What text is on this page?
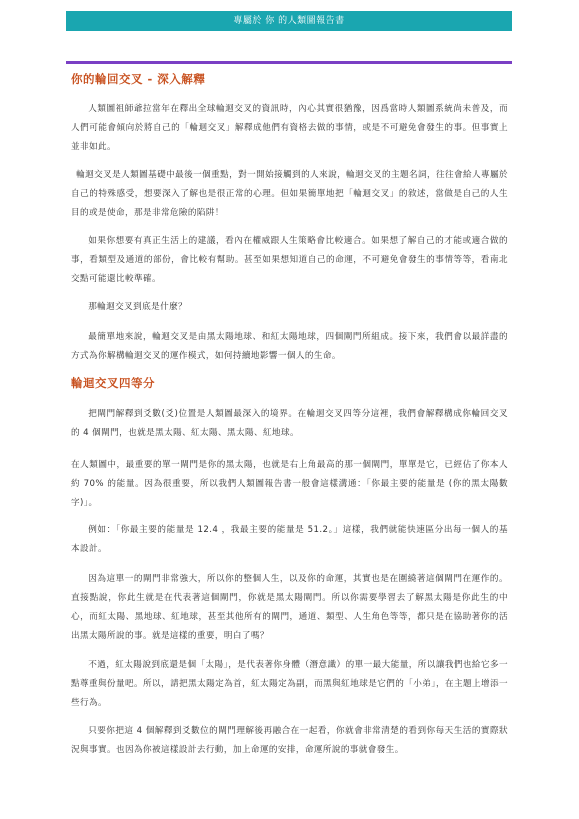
專屬於 你 的人類圖報告書
你的輪回交叉 - 深入解釋
人類圖祖師爺拉當年在釋出全球輪迴交叉的資訊時，內心其實很猶豫，因爲當時人類圖系統尚未普及，而人們可能會傾向於將自己的「輪迴交叉」解釋成他們有資格去做的事情，或是不可避免會發生的事。但事實上並非如此。
輪迴交叉是人類圖基礎中最後一個重點，對一開始接觸到的人來說，輪迴交叉的主題名詞，往往會給人專屬於自己的特殊感受，想要深入了解也是很正常的心理。但如果簡單地把「輪迴交叉」的敘述，當做是自己的人生目的或是使命，那是非常危險的陷阱！
如果你想要有真正生活上的建議，看內在權威跟人生策略會比較適合。如果想了解自己的才能或適合做的事，看類型及通道的部份，會比較有幫助。甚至如果想知道自己的命運，不可避免會發生的事情等等，看南北交點可能還比較準確。
那輪迴交叉到底是什麼？
最簡單地來說，輪迴交叉是由黑太陽地球、和紅太陽地球，四個閘門所組成。接下來，我們會以最詳盡的方式為你解構輪迴交叉的運作模式，如何持續地影響一個人的生命。
輪迴交叉四等分
把閘門解釋到爻數(爻)位置是人類圖最深入的境界。在輪迴交叉四等分這裡，我們會解釋構成你輪回交叉的 4 個閘門，也就是黑太陽、紅太陽、黑太陽、紅地球。
在人類圖中，最重要的單一閘門是你的黑太陽，也就是右上角最高的那一個閘門，單單是它，已經佔了你本人約 70% 的能量。因為很重要，所以我們人類圖報告書一般會這樣溝通：「你最主要的能量是 (你的黑太陽數字)」。
例如：「你最主要的能量是 12.4 ，我最主要的能量是 51.2。」這樣，我們就能快速區分出每一個人的基本設計。
因為這單一的閘門非常強大，所以你的整個人生，以及你的命運，其實也是在圍繞著這個閘門在運作的。直接點說，你此生就是在代表著這個閘門，你就是黑太陽閘門。所以你需要學習去了解黑太陽是你此生的中心，而紅太陽、黑地球、紅地球，甚至其他所有的閘門，通道、類型、人生角色等等，都只是在協助著你的活出黑太陽所說的事。就是這樣的重要，明白了嗎？
不過，紅太陽說到底還是個「太陽」，是代表著你身體（潛意識）的單一最大能量，所以讓我們也給它多一點尊重與份量吧。所以，請把黑太陽定為首，紅太陽定為副，而黑與紅地球是它們的「小弟」，在主題上增添一些行為。
只要你把這 4 個解釋到爻數位的閘門理解後再融合在一起看，你就會非常清楚的看到你每天生活的實際狀況與事實。也因為你被這樣設計去行動，加上命運的安排，命運所說的事就會發生。
